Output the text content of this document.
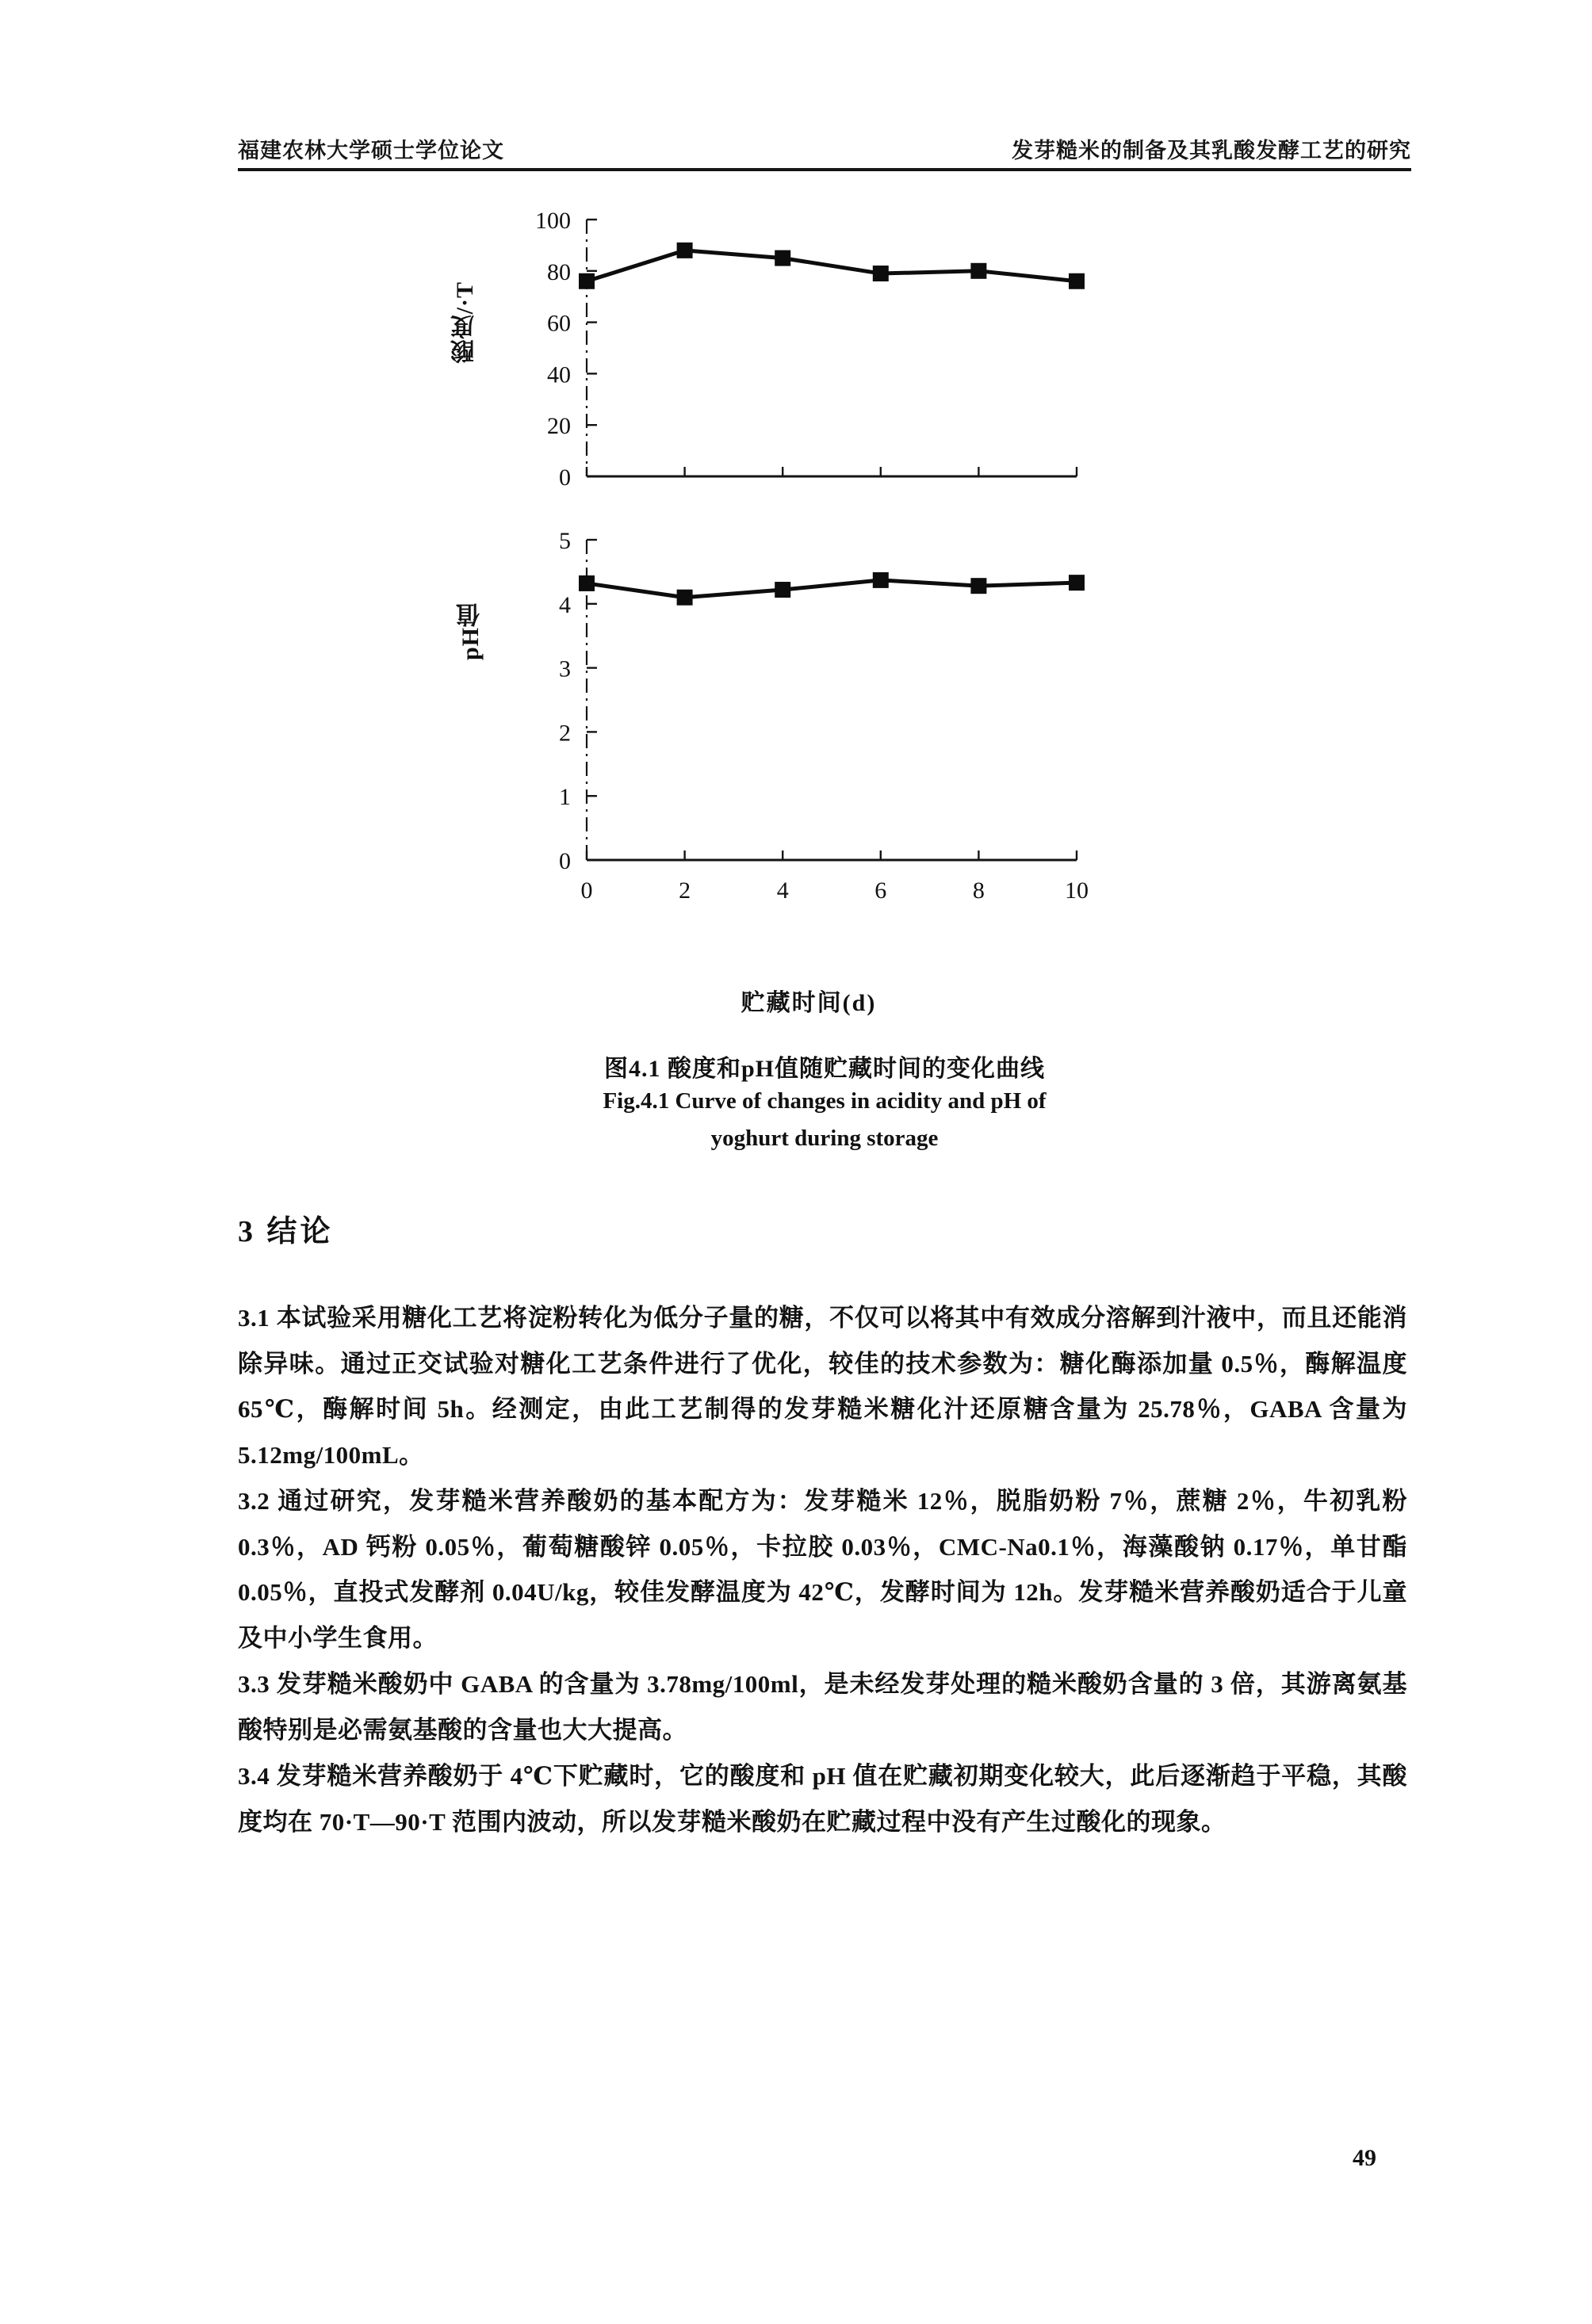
福建农林大学硕士学位论文	发芽糙米的制备及其乳酸发酵工艺的研究
酸度/·T
0
20
40
60
80
100
pH值
0
1
2
3
4
5
0	2	4	6	8	10
贮藏时间(d)
图4.1 酸度和pH值随贮藏时间的变化曲线
Fig.4.1 Curve of changes in acidity and pH of
yoghurt during storage
3 结论

3.1 本试验采用糖化工艺将淀粉转化为低分子量的糖，不仅可以将其中有效成分溶解到汁液中，而且还能消除异味。通过正交试验对糖化工艺条件进行了优化，较佳的技术参数为：糖化酶添加量 0.5％，酶解温度 65℃，酶解时间 5h。经测定，由此工艺制得的发芽糙米糖化汁还原糖含量为 25.78％，GABA 含量为 5.12mg/100mL。

3.2 通过研究，发芽糙米营养酸奶的基本配方为：发芽糙米 12％，脱脂奶粉 7％，蔗糖 2％，牛初乳粉 0.3％，AD 钙粉 0.05％，葡萄糖酸锌 0.05％，卡拉胶 0.03％，CMC-Na0.1％，海藻酸钠 0.17％，单甘酯 0.05％，直投式发酵剂 0.04U/kg，较佳发酵温度为 42℃，发酵时间为 12h。发芽糙米营养酸奶适合于儿童及中小学生食用。

3.3 发芽糙米酸奶中 GABA 的含量为 3.78mg/100ml，是未经发芽处理的糙米酸奶含量的 3 倍，其游离氨基酸特别是必需氨基酸的含量也大大提高。

3.4 发芽糙米营养酸奶于 4℃下贮藏时，它的酸度和 pH 值在贮藏初期变化较大，此后逐渐趋于平稳，其酸度均在 70·T—90·T 范围内波动，所以发芽糙米酸奶在贮藏过程中没有产生过酸化的现象。

49
